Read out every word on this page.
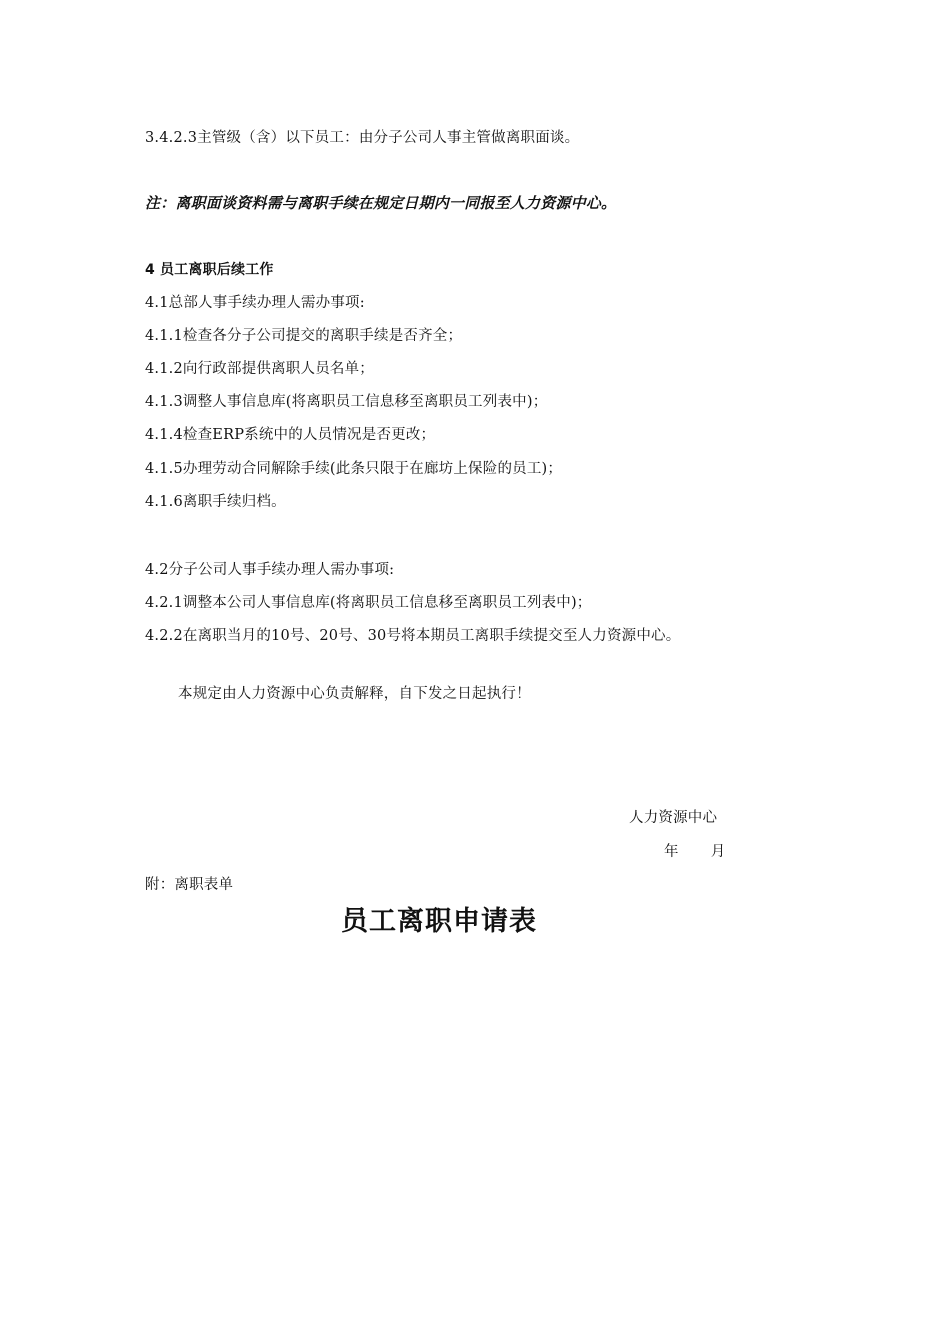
3.4.2.3主管级（含）以下员工：由分子公司人事主管做离职面谈。
注：离职面谈资料需与离职手续在规定日期内一同报至人力资源中心。
4 员工离职后续工作
4.1总部人事手续办理人需办事项:
4.1.1检查各分子公司提交的离职手续是否齐全；
4.1.2向行政部提供离职人员名单；
4.1.3调整人事信息库(将离职员工信息移至离职员工列表中)；
4.1.4检查ERP系统中的人员情况是否更改；
4.1.5办理劳动合同解除手续(此条只限于在廊坊上保险的员工)；
4.1.6离职手续归档。
4.2分子公司人事手续办理人需办事项:
4.2.1调整本公司人事信息库(将离职员工信息移至离职员工列表中)；
4.2.2在离职当月的10号、20号、30号将本期员工离职手续提交至人力资源中心。
本规定由人力资源中心负责解释，自下发之日起执行！
人力资源中心
年 月
附：离职表单
员工离职申请表
